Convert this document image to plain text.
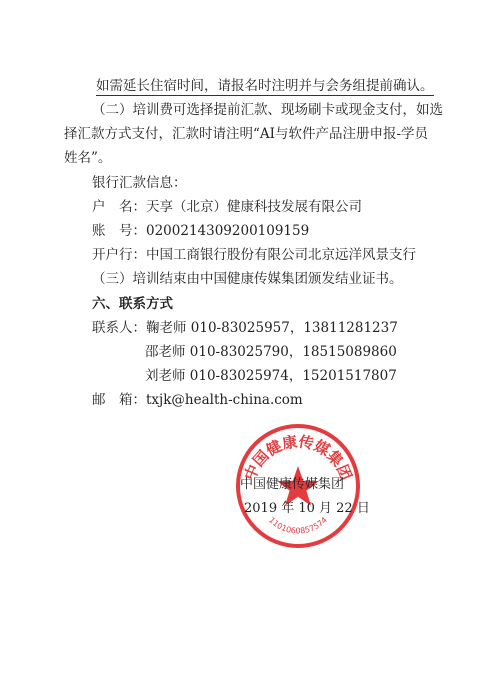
如需延长住宿时间，请报名时注明并与会务组提前确认。
（二）培训费可选择提前汇款、现场刷卡或现金支付，如选
择汇款方式支付，汇款时请注明“AI与软件产品注册申报-学员
姓名”。
银行汇款信息：
户　名：天享（北京）健康科技发展有限公司
账　号：0200214309200109159
开户行：中国工商银行股份有限公司北京远洋风景支行
（三）培训结束由中国健康传媒集团颁发结业证书。
六、联系方式
联系人：鞠老师 010-83025957，13811281237
邵老师 010-83025790，18515089860
刘老师 010-83025974，15201517807
邮　箱：txjk@health-china.com
中国健康传媒集团
1101060857574
中国健康传媒集团
2019 年 10 月 22 日
